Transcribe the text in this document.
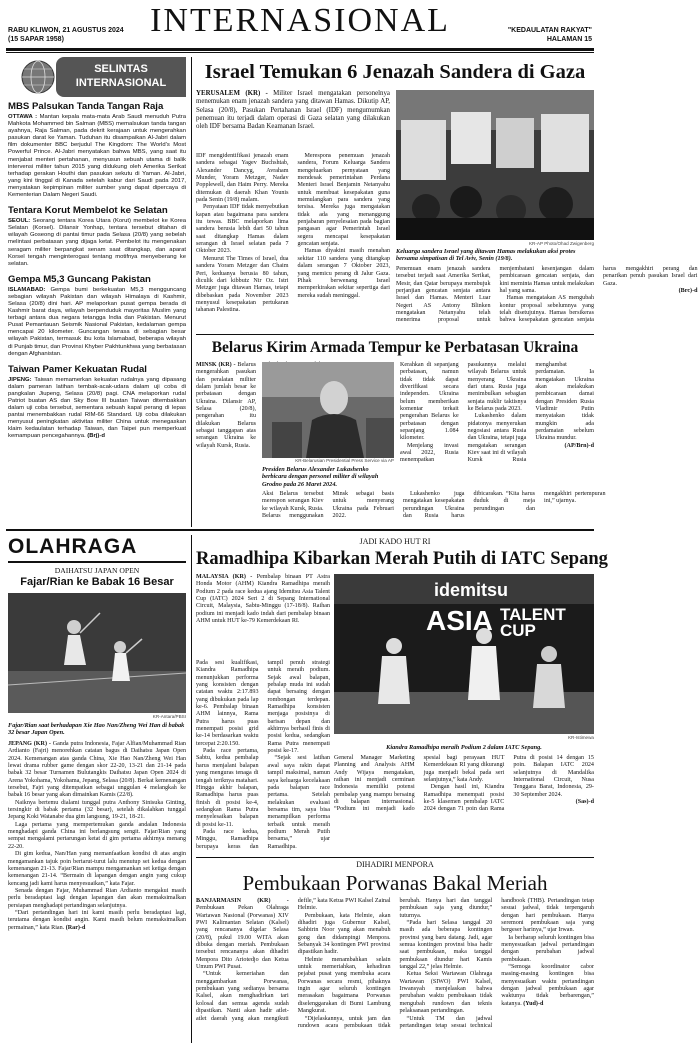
INTERNASIONAL
RABU KLIWON, 21 AGUSTUS 2024
(15 SAPAR 1958)
"KEDAULATAN RAKYAT"
HALAMAN 15
SELINTAS
INTERNASIONAL
MBS Palsukan Tanda Tangan Raja
OTTAWA : Mantan kepala mata-mata Arab Saudi menuduh Putra Mahkota Mohammed bin Salman (MBS) memalsukan tanda tangan ayahnya, Raja Salman, pada dekrit kerajaan untuk mengerahkan pasukan darat ke Yaman. Tuduhan itu disampaikan Al-Jabri dalam film dokumenter BBC berjudul The Kingdom: The World’s Most Powerful Prince. Al-Jabri menyatakan bahwa MBS, yang saat itu menjabat menteri pertahanan, menyusun sebuah utama di balik intervensi militer tahun 2015 yang didukung oleh Amerika Serikat terhadap gerakan Houthi dan pasukan sekutu di Yaman. Al-Jabri, yang kini tinggal di Kanada setelah kabur dari Saudi pada 2017, menyatakan kepimpinan militer sumber yang dapat dipercaya di Kementerian Dalam Negeri Saudi.
Tentara Korut Membelot ke Selatan
SEOUL: Seorang tentara Korea Utara (Korut) membelot ke Korea Selatan (Korsel). Dilansir Yonhap, tentara tersebut ditahan di wilayah Goseong di pantai timur pada Selasa (20/8) yang sebelah melintasi perbatasan yang dijaga ketat. Pembelot itu mengenakan seragam militer berpangkat senam saat ditangkap, dan aparat Korsel tengah menginterogasi tentang motifnya menyeberang ke selatan.
Gempa M5,3 Guncang Pakistan
ISLAMABAD: Gempa bumi berkekuatan M5,3 mengguncang sebagian wilayah Pakistan dan wilayah Himalaya di Kashmir, Selasa (20/8) dini hari. AP melaporkan pusat gempa berada di Kashmir barat daya, wilayah berpenduduk mayoritas Muslim yang terbagi antara dua negara tetangga India dan Pakistan. Menurut Pusat Pemantauan Seismik Nasional Pakistan, kedalaman gempa mencapai 20 kilometer. Guncangan terasa di sebagian besar wilayah Pakistan, termasuk ibu kota Islamabad, beberapa wilayah di Punjab timur, dan Provinsi Khyber Pakhtunkhwa yang berbatasan dengan Afghanistan.
Taiwan Pamer Kekuatan Rudal
JIPENG: Taiwan memamerkan kekuatan rudalnya yang dipasang dalam pameran latihan tembak-acak-udara dalam uji coba di pangkalan Jiupeng, Selasa (20/8) pagi. CNA melaporkan rudal Patriot buatan AS dan Sky Bow III buatan Taiwan ditembakkan dalam uji coba tersebut, sementara sebuah kapal perang di lepas pantai menembakkan rudal RIM-66 Standard. Uji coba dilakukan menyusul peningkatan aktivitas militer China untuk menegaskan klaim kedaulatan terhadap Taiwan, dan Taipei pun memperkuat kemampuan pencegahannya. (Brj)-d
Israel Temukan 6 Jenazah Sandera di Gaza
YERUSALEM (KR) - Militer Israel mengatakan personelnya menemukan enam jenazah sandera yang ditawan Hamas. Dikutip AP, Selasa (20/8), Pasukan Pertahanan Israel (IDF) mengumumkan penemuan itu terjadi dalam operasi di Gaza selatan yang dilakukan oleh IDF bersama Badan Keamanan Israel.
KR-AP Photo/Ohad Zwigenberg
Keluarga sandera Israel yang ditawan Hamas melakukan aksi protes bersama simpatisan di Tel Aviv, Senin (19/8).

IDF mengidentifikasi jenazah enam sandera sebagai Yagev Buchshtab, Alexander Dancyg, Avraham Munder, Yoram Metzger, Nadav Popplewell, dan Haim Perry. Mereka ditemukan di daerah Khan Younis pada Senin (19/8) malam.

Penyataan IDF tidak menyebutkan kapan atau bagaimana para sandera itu tewas. BBC melaporkan lima sandera berusia lebih dari 50 tahun saat ditangkap Hamas dalam serangan di Israel selatan pada 7 Oktober 2023.

Menurut The Times of Israel, dua sandera Yoram Metzger dan Chaim Peri, keduanya berusia 80 tahun, diculik dari kibbutz Nir Oz. Istri Metzger juga ditawan Hamas, tetapi dibebaskan pada November 2023 menyusul kesepakatan pertukaran tahanan Palestina.

Merespons penemuan jenazah sandera, Forum Keluarga Sandera mengeluarkan pernyataan yang mendesak pemerintahan Perdana Menteri Israel Benjamin Netanyahu untuk membuat kesepakatan guna memulangkan para sandera yang tersisa. Mereka juga mengatakan tidak ada yang menanggung penjabaran penyelesaian pada bagian pangasan agar Pemerintah Israel segera mencapai kesepakatan gencatan senjata.

Hamas diyakini masih menahan sekitar 110 sandera yang ditangkap dalam serangan 7 Oktober 2023, yang memicu perang di Jalur Gaza. Pihak berwenang Israel memperkirakan sekitar sepertiga dari mereka sudah meninggal.

Penemuan enam jenazah sandera tersebut terjadi saat Amerika Serikat, Mesir, dan Qatar berupaya membujuk perjanjian gencatan senjata antara Israel dan Hamas. Menteri Luar Negeri AS Antony Blinken mengatakan Netanyahu telah menerima proposal untuk menjembatani kesenjangan dalam pembicaraan gencatan senjata, dan kini meminta Hamas untuk melakukan hal yang sama.

Hamas mengatakan AS mengubah kontur proposal sebelumnya yang telah disetujuinya. Hamas bersikeras bahwa kesepakatan gencatan senjata harus mengakhiri perang dan penarikan penuh pasukan Israel dari Gaza.

(Brc)-d

Belarus Kirim Armada Tempur ke Perbatasan Ukraina
MINSK (KR) - Belarus mengerahkan pasukan dan peralatan militer dalam jumlah besar ke perbatasan dengan Ukraina. Dilansir AP, Selasa (20/8), pengerahan itu dilakukan Belarus sebagai tanggapan atas serangan Ukraina ke wilayah Kursk, Rusia.
KR-Belarusian Presidential Press Service via AP
Presiden Belarus Alexander Lukashenko berbicara dengan personel militer di wilayah Grodno pada 26 Maret 2024.

Aksi Belarus tersebut merespon serangan Kiev ke wilayah Kursk, Rusia. Belarus menggunakan Minsk sebagai basis untuk menyerang Ukraina pada Februari 2022.

Lukashenko juga mengatakan kesepakatan perundingan Ukraina dan Rusia harus dibicarakan. “Kita harus duduk di meja perundingan dan mengakhiri pertempuran ini,” ujarnya.

Kerahkan di sepanjang perbatasan, namun tidak tidak dapat diverifikasi secara independen. Ukraina belum memberikan komentar terkait pengerahan Belarus ke perbatasan dengan sepanjang 1.084 kilometer.

Menjelang invasi awal 2022, Rusia menempatkan pasukannya melalui wilayah Belarus untuk menyerang Ukraina dari utara. Rusia juga menimbulkan sebagian senjata nuklir taktisnya ke Belarus pada 2023.

Lukashenko dalam pidatonya menyerukan negosiasi antara Rusia dan Ukraina, tetapi juga mengatakan serangan Kiev saat ini di wilayah Kursk Rusia menghambat perdamaian. Ia mengatakan Ukraina akan melakukan pembicaraan damai dengan Presiden Rusia Vladimir Putin menyatakan tidak mungkin ada perdamaian sebelum Ukraina mundur.

(AP/Brn)-d

OLAHRAGA
DAIHATSU JAPAN OPEN
Fajar/Rian ke Babak 16 Besar
KR-Antara/PBSI
Fajar/Rian saat berhadapan Xie Hao Nan/Zheng Wei Han di babak 32 besar Japan Open.

JEPANG (KR) - Ganda putra Indonesia, Fajar Alfian/Muhammad Rian Ardianto (Fajri) menorehkan catatan bagus di Daihatsu Japan Open 2024. Kemenangan atas ganda China, Xie Hao Nan/Zheng Wei Han lewat drama rubber game dengan skor 22-20, 13-21 dan 21-14 pada babak 32 besar Turnamen Bulutangkis Daihatsu Japan Open 2024 di Arena Yokohama, Yokohama, Jepang, Selasa (20/8). Berkat kemenangan tersebut, Fajri yang ditempatkan sebagai unggulan 4 melangkah ke babak 16 besar yang akan dimainkan Kamis (22/8).

Naiknya bertemu dialami tunggal putra Anthony Sinisuka Ginting, tersingkir di babak pertama (32 besar), setelah dikalahkan tunggal Jepang Koki Watanabe dua gim langsung, 19-21, 18-21.

Laga pertama yang mempertemukan ganda andalan Indonesia menghadapi ganda China ini berlangsung sengit. Fajar/Rian yang sempat mengalami pertarungan ketat di gim pertama akhirnya menang 22-20.

Di gim kedua, Nan/Han yang memanfaatkan kondisi di atas angin mengamankan tajuk poin bertarut-turut lalu menutup set kedua dengan kemenangan 21-13. Fajar/Rian mampu mengamankan set ketiga dengan kemenangan 21-14. “Bermain di lapangan dengan angin yang cukup kencang jadi kami harus menyesuaikan,” kata Fajar.

Senada dengan Fajar, Muhammad Rian Ardianto mengakui masih perlu beradaptasi lagi dengan lapangan dan akan memaksimalkan persiapan menghadapi pertandingan selanjutnya.

“Dari pertandingan hari ini kami masih perlu beradaptasi lagi, terutama dengan kondisi angin. Kami masih belum memaksimalkan permainan,” kata Rian. (Rar)-d

JADI KADO HUT RI
Ramadhipa Kibarkan Merah Putih di IATC Sepang
MALAYSIA (KR) - Pembalap binaan PT Astra Honda Motor (AHM) Kiandra Ramadhipa meraih Podium 2 pada race kedua ajang Idemitsu Asia Talent Cup (IATC) 2024 Seri 2 di Sepang International Circuit, Malaysia, Sabtu-Minggu (17-18/8). Raihan podium ini menjadi kado indah dari pembalap binaan AHM untuk HUT ke-79 Kemerdekaan RI.
idemitsu
ASIA TALENT
CUP
KR-Istimewa
Kiandra Ramadhipa meraih Podium 2 dalam IATC Sepang.

Pada sesi kualifikasi, Kiandra Ramadhipa menunjukkan performa yang konsisten dengan catatan waktu 2:17.893 yang dibukukan pada lap ke-6. Pembalap binaan AHM lainnya, Rama Putra harus puas menempati posisi grid ke-14 berdasarkan waktu tercepat 2:20.150.

Pada race pertama, Sabtu, kedua pembalap harus menjalani balapan yang menguras tenaga di tengah teriknya matahari. Hingga akhir balapan, Ramadhipa harus puas finish di posisi ke-4, sedangkan Rama Putra menyelesaikan balapan di posisi ke-11.

Pada race kedua, Minggu, Ramadhipa berupaya keras dan tampil penuh strategi untuk meraih podium. Sejak awal balapan, pebalap muda ini sudah dapat bersaing dengan rombongan terdepan. Ramadhipa konsisten menjaga posisinya di barisan depan dan akhirnya berhasil finis di posisi kedua, sedangkan Rama Putra menempati posisi ke-17.

“Sejak sesi latihan awal saya rakin dapat tampil maksimal, namun saya keluarga kecelakaan pada balapan race pertama. Setelah melakukan evaluasi bersama tim, saya bisa menampilkan performa terbaik untuk meraih podium Merah Putih bersama,” ujar Ramadhipa.

General Manager Marketing Planning and Analysis AHM Andy Wijaya mengatakan, raihan ini menjadi cerminan Indonesia memiliki potensi pembalap yang mampu bersaing di balapan internasional. “Podium ini menjadi kado spesial bagi perayaan HUT Kemerdekaan RI yang dikurangi juga menjadi bekal pada seri selanjutnya,” kata Andy.

Dengan hasil ini, Kiandra Ramadhipa menempati posisi ke-5 klasemen pembalap IATC 2024 dengan 71 poin dan Rama Putra di posisi 14 dengan 15 poin. Balapan IATC 2024 selanjutnya di Mandalika International Circuit, Nusa Tenggara Barat, Indonesia, 29-30 September 2024.

(Sas)-d

DIHADIRI MENPORA
Pembukaan Porwanas Bakal Meriah

BANJARMASIN (KR) - Pembukaan Pekan Olahraga Wartawan Nasional (Porwanas) XIV PWI Kalimantan Selatan (Kalsel) yang rencananya digelar Selasa (20/8), pukul 19.00 WITA akan dibuka dengan meriah. Pembukaan tersebut rencananya akan dihadiri Menpora Dito Ariotedjo dan Ketua Umum PWI Pusat.

“Untuk kemeriahan dan menggambarkan Porwanas, pembukaan yang sedianya bersama Kalsel, akan menghadirkan tari kolosal dan semua agenda sudah dipastikan. Nanti akan hadir atlet-atlet daerah yang akan mengikuti defile,” kata Ketua PWI Kalsel Zainal Helmie.

Pembukaan, kata Helmie, akan dihadiri juga Gubernur Kalsel, Sahbirin Noor yang akan menabuh gong dan didampingi Menpora. Sebanyak 34 kontingen PWI provinsi dipastikan hadir.

Helmie menambahkan selain untuk memeriahkan, kehadiran pejabat pusat yang membuka acara Porwanas secara resmi, pihaknya ingin agar seluruh kontingen merasakan bagaimana Porwanas diselenggarakan di Bumi Lambung Mangkurat.

“Dijelaskannya, untuk jam dan rundown acara pembukaan tidak berubah. Hanya hari dan tanggal pembukaan saja yang diundur,” tuturnya.

“Pada hari Selasa tanggal 20 masih ada beberapa kontingen provinsi yang baru datang. Jadi, agar semua kontingen provinsi bisa hadir saat pembukaan, maka tanggal pembukaan diundur hari Kamis tanggal 22,” jelas Helmie.

Ketua Seksi Wartawan Olahraga Wartawan (SIWO) PWI Kalsel, Irwansyah menjelaskan bahwa perubahan waktu pembukaan tidak mengubah rundown dan teknis pelaksanaan pertandingan.

“Untuk TM dan jadwal pertandingan tetap sesuai technical handbook (THB). Pertandingan tetap sesuai jadwal, tidak terpengaruh dengan hari pembukaan. Hanya seremoni pembukaan saja yang bergeser harinya,” ujar Irwan.

Ia berharap seluruh kontingen bisa menyesuaikan jadwal pertandingan dengan perubahan jadwal pembukaan.

“Semoga koordinator cabor masing-masing kontingen bisa menyesuaikan waktu pertandingan dengan jadwal pembukaan agar waktunya tidak berbarengan,” katanya. (Yud)-d
